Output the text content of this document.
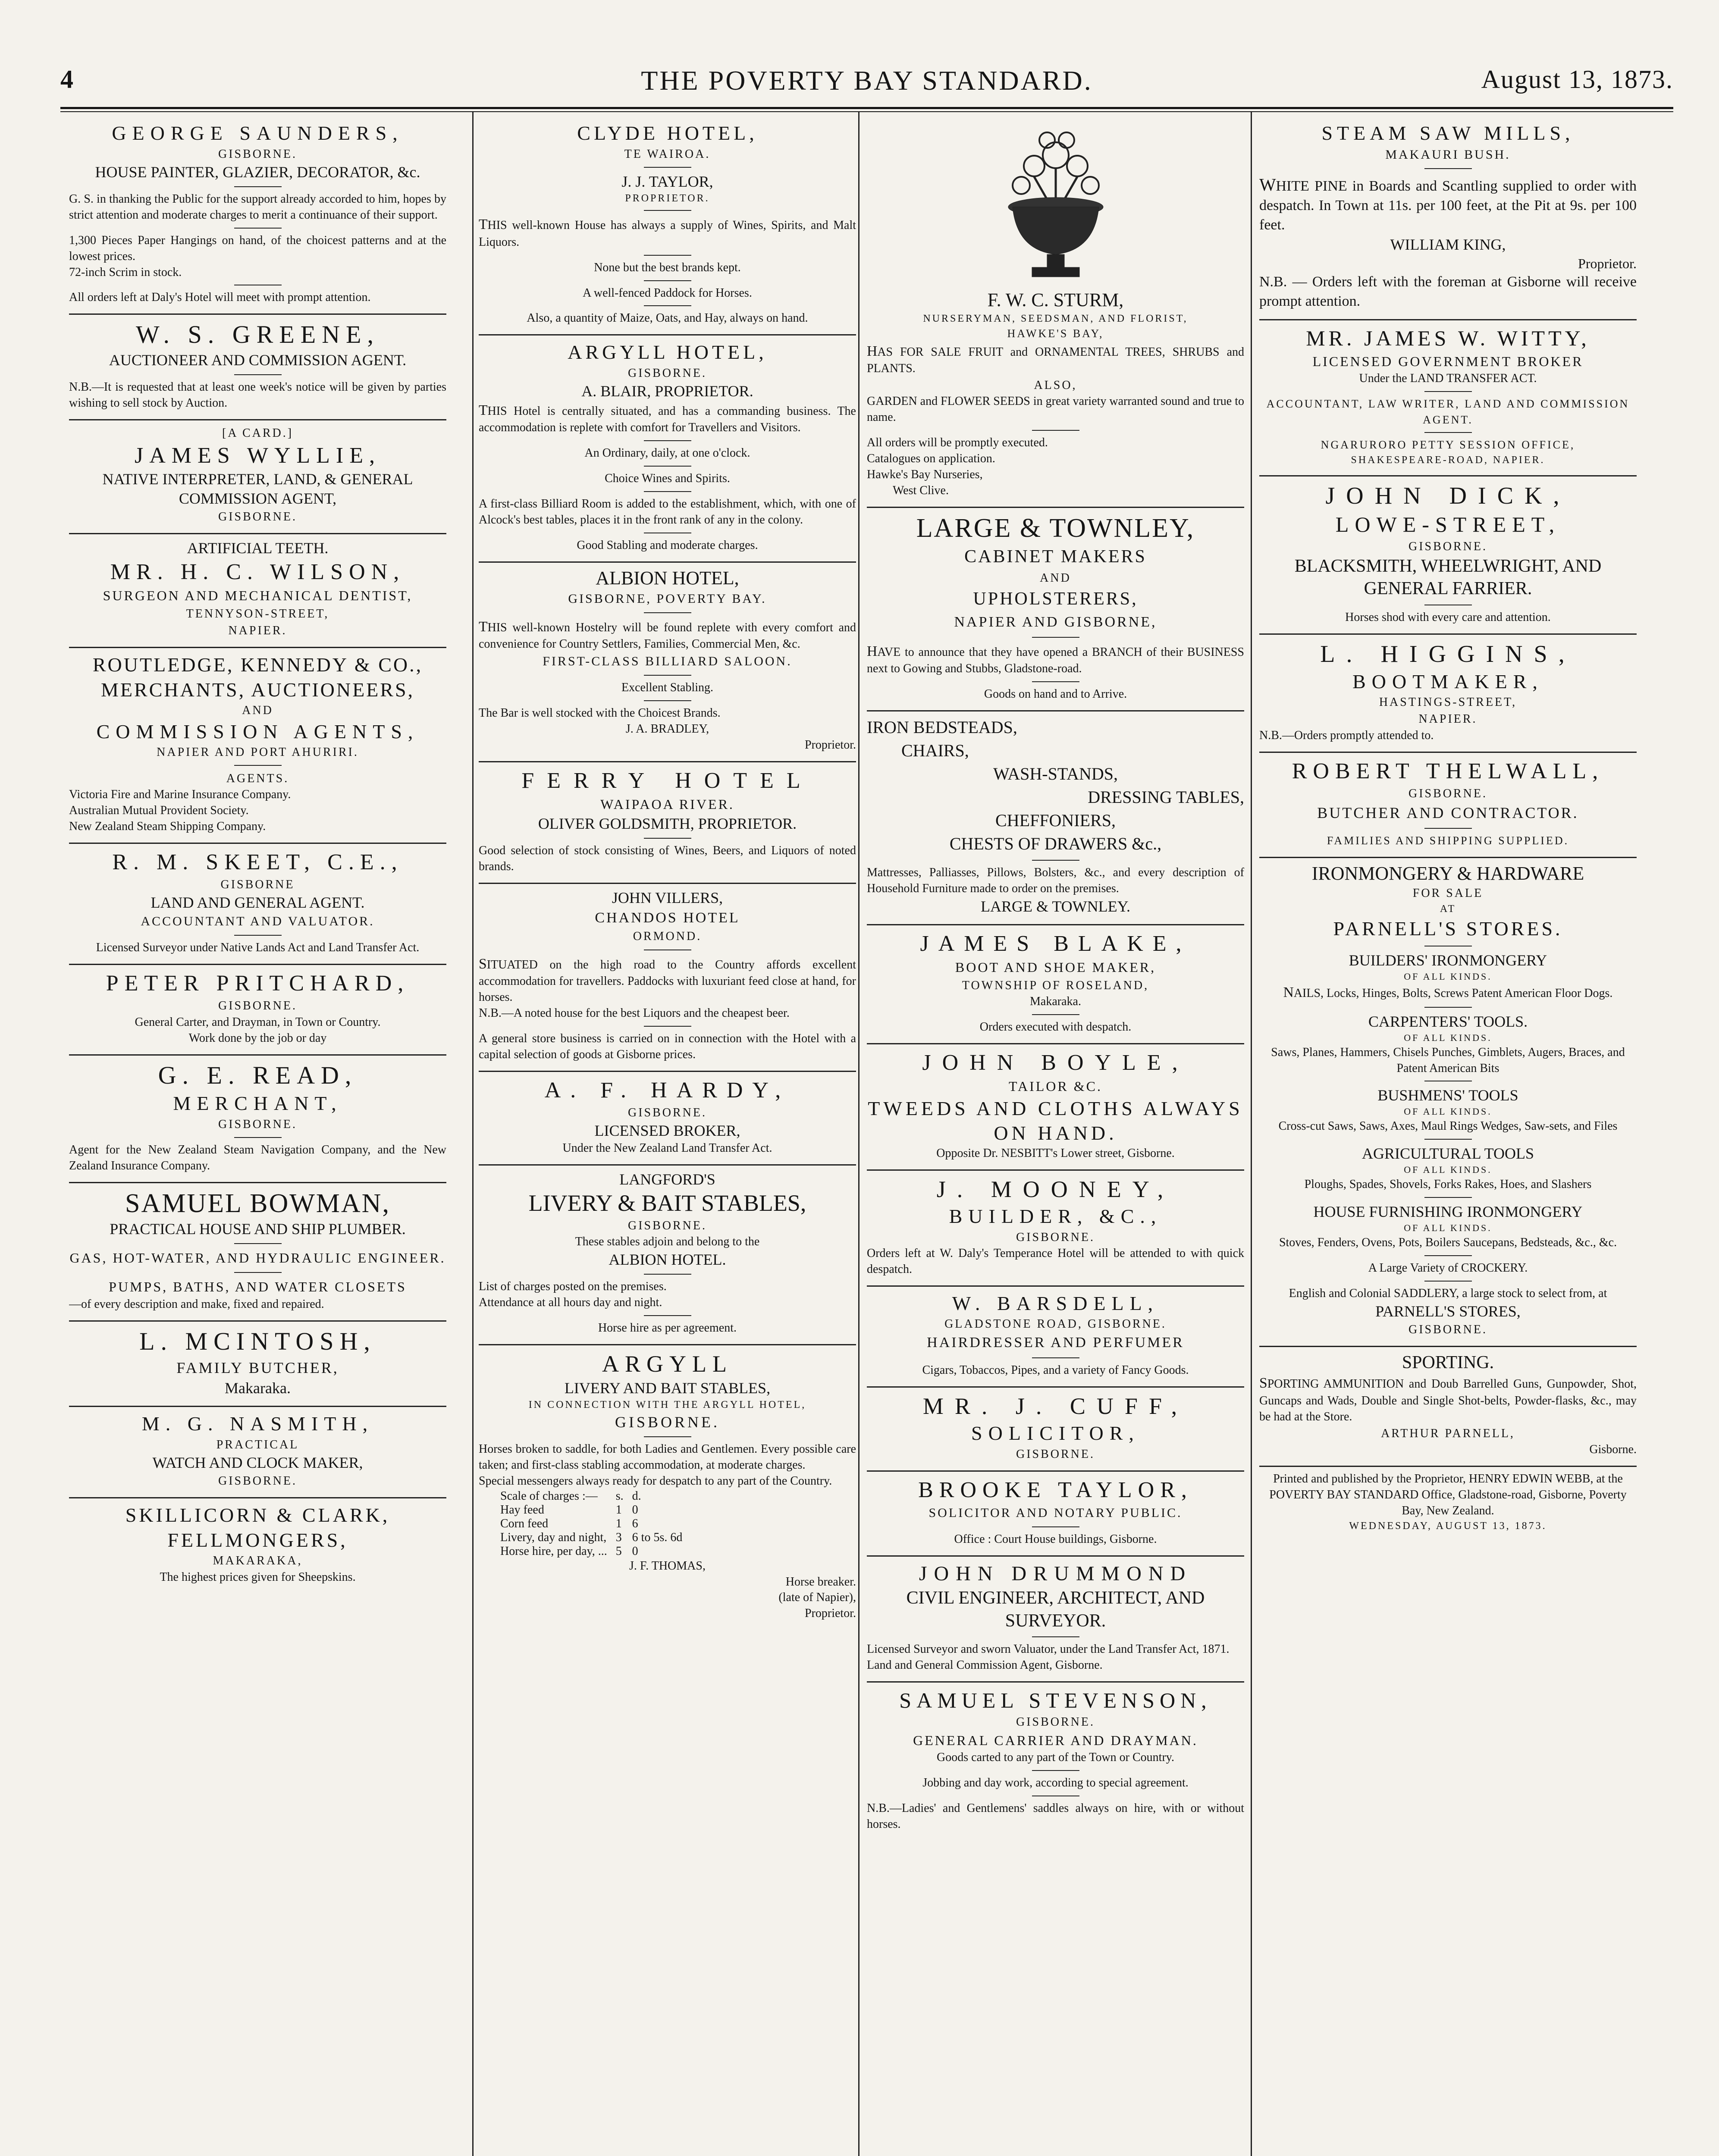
4	THE POVERTY BAY STANDARD.	August 13, 1873.
GEORGE SAUNDERS,
GISBORNE.
HOUSE PAINTER, GLAZIER, DECORATOR, &c.
G. S. in thanking the Public for the support already accorded to him, hopes by strict attention and moderate charges to merit a continuance of their support.
1,300 Pieces Paper Hangings on hand, of the choicest patterns and at the lowest prices.
72-inch Scrim in stock.
All orders left at Daly's Hotel will meet with prompt attention.
W. S. GREENE,
AUCTIONEER AND COMMISSION AGENT.
N.B.—It is requested that at least one week's notice will be given by parties wishing to sell stock by Auction.
[A CARD.]
JAMES WYLLIE,
NATIVE INTERPRETER, LAND, & GENERAL COMMISSION AGENT,
GISBORNE.
ARTIFICIAL TEETH.
MR. H. C. WILSON,
SURGEON AND MECHANICAL DENTIST,
TENNYSON-STREET,
NAPIER.
ROUTLEDGE, KENNEDY & CO.,
MERCHANTS, AUCTIONEERS,
AND
COMMISSION AGENTS,
NAPIER AND PORT AHURIRI.
AGENTS.
Victoria Fire and Marine Insurance Company.
Australian Mutual Provident Society.
New Zealand Steam Shipping Company.
R. M. SKEET, C.E.,
GISBORNE
LAND AND GENERAL AGENT.
ACCOUNTANT AND VALUATOR.
Licensed Surveyor under Native Lands Act and Land Transfer Act.
PETER PRITCHARD,
GISBORNE.
General Carter, and Drayman, in Town or Country.
Work done by the job or day
G. E. READ,
MERCHANT,
GISBORNE.
Agent for the New Zealand Steam Navigation Company, and the New Zealand Insurance Company.
SAMUEL BOWMAN,
PRACTICAL HOUSE AND SHIP PLUMBER.
GAS, HOT-WATER, AND HYDRAULIC ENGINEER.
PUMPS, BATHS, AND WATER CLOSETS
—of every description and make, fixed and repaired.
L. MCINTOSH,
FAMILY BUTCHER,
Makaraka.
M. G. NASMITH,
PRACTICAL
WATCH AND CLOCK MAKER,
GISBORNE.
SKILLICORN & CLARK,
FELLMONGERS,
MAKARAKA,
The highest prices given for Sheepskins.
CLYDE HOTEL,
TE WAIROA.
J. J. TAYLOR,
PROPRIETOR.
THIS well-known House has always a supply of Wines, Spirits, and Malt Liquors.
None but the best brands kept.
A well-fenced Paddock for Horses.
Also, a quantity of Maize, Oats, and Hay, always on hand.
ARGYLL HOTEL,
GISBORNE.
A. BLAIR, PROPRIETOR.
THIS Hotel is centrally situated, and has a commanding business. The accommodation is replete with comfort for Travellers and Visitors.
An Ordinary, daily, at one o'clock.
Choice Wines and Spirits.
A first-class Billiard Room is added to the establishment, which, with one of Alcock's best tables, places it in the front rank of any in the colony.
Good Stabling and moderate charges.
ALBION HOTEL,
GISBORNE, POVERTY BAY.
THIS well-known Hostelry will be found replete with every comfort and convenience for Country Settlers, Families, Commercial Men, &c.
FIRST-CLASS BILLIARD SALOON.
Excellent Stabling.
The Bar is well stocked with the Choicest Brands.
J. A. BRADLEY,
Proprietor.
FERRY HOTEL
WAIPAOA RIVER.
OLIVER GOLDSMITH, PROPRIETOR.
Good selection of stock consisting of Wines, Beers, and Liquors of noted brands.
JOHN VILLERS,
CHANDOS HOTEL
ORMOND.
SITUATED on the high road to the Country affords excellent accommodation for travellers. Paddocks with luxuriant feed close at hand, for horses.
N.B.—A noted house for the best Liquors and the cheapest beer.
A general store business is carried on in connection with the Hotel with a capital selection of goods at Gisborne prices.
A. F. HARDY,
GISBORNE.
LICENSED BROKER,
Under the New Zealand Land Transfer Act.
LANGFORD'S
LIVERY & BAIT STABLES,
GISBORNE.
These stables adjoin and belong to the
ALBION HOTEL.
List of charges posted on the premises.
Attendance at all hours day and night.
Horse hire as per agreement.
ARGYLL
LIVERY AND BAIT STABLES,
IN CONNECTION WITH THE ARGYLL HOTEL,
GISBORNE.
Horses broken to saddle, for both Ladies and Gentlemen. Every possible care taken; and first-class stabling accommodation, at moderate charges.
Special messengers always ready for despatch to any part of the Country.
Scale of charges :—	s.	d.
Hay feed	1	0
Corn feed	1	6
Livery, day and night,	3	6 to 5s. 6d
Horse hire, per day, ...	5	0
J. F. THOMAS,
Horse breaker.
(late of Napier),
Proprietor.
F. W. C. STURM,
NURSERYMAN, SEEDSMAN, AND FLORIST,
HAWKE'S BAY,
HAS FOR SALE FRUIT and ORNAMENTAL TREES, SHRUBS and PLANTS.
ALSO,
GARDEN and FLOWER SEEDS in great variety warranted sound and true to name.
All orders will be promptly executed.
Catalogues on application.
Hawke's Bay Nurseries,
West Clive.
LARGE & TOWNLEY,
CABINET MAKERS
AND
UPHOLSTERERS,
NAPIER AND GISBORNE,
HAVE to announce that they have opened a BRANCH of their BUSINESS next to Gowing and Stubbs, Gladstone-road.
Goods on hand and to Arrive.
IRON BEDSTEADS,
CHAIRS,
WASH-STANDS,
DRESSING TABLES,
CHEFFONIERS,
CHESTS OF DRAWERS &c.,
Mattresses, Palliasses, Pillows, Bolsters, &c., and every description of Household Furniture made to order on the premises.
LARGE & TOWNLEY.
JAMES BLAKE,
BOOT AND SHOE MAKER,
TOWNSHIP OF ROSELAND,
Makaraka.
Orders executed with despatch.
JOHN BOYLE,
TAILOR &C.
TWEEDS AND CLOTHS ALWAYS ON HAND.
Opposite Dr. NESBITT's Lower street, Gisborne.
J. MOONEY,
BUILDER, &C.,
GISBORNE.
Orders left at W. Daly's Temperance Hotel will be attended to with quick despatch.
W. BARSDELL,
GLADSTONE ROAD, GISBORNE.
HAIRDRESSER AND PERFUMER
Cigars, Tobaccos, Pipes, and a variety of Fancy Goods.
MR. J. CUFF,
SOLICITOR,
GISBORNE.
BROOKE TAYLOR,
SOLICITOR AND NOTARY PUBLIC.
Office : Court House buildings, Gisborne.
JOHN DRUMMOND
CIVIL ENGINEER, ARCHITECT, AND SURVEYOR.
Licensed Surveyor and sworn Valuator, under the Land Transfer Act, 1871.
Land and General Commission Agent, Gisborne.
SAMUEL STEVENSON,
GISBORNE.
GENERAL CARRIER AND DRAYMAN.
Goods carted to any part of the Town or Country.
Jobbing and day work, according to special agreement.
N.B.—Ladies' and Gentlemens' saddles always on hire, with or without horses.
STEAM SAW MILLS,
MAKAURI BUSH.
WHITE PINE in Boards and Scantling supplied to order with despatch. In Town at 11s. per 100 feet, at the Pit at 9s. per 100 feet.
WILLIAM KING,
Proprietor.
N.B. — Orders left with the foreman at Gisborne will receive prompt attention.
MR. JAMES W. WITTY,
LICENSED GOVERNMENT BROKER
Under the LAND TRANSFER ACT.
ACCOUNTANT, LAW WRITER, LAND AND COMMISSION AGENT.
NGARURORO PETTY SESSION OFFICE,
SHAKESPEARE-ROAD, NAPIER.
JOHN DICK,
LOWE-STREET,
GISBORNE.
BLACKSMITH, WHEELWRIGHT, AND GENERAL FARRIER.
Horses shod with every care and attention.
L. HIGGINS,
BOOTMAKER,
HASTINGS-STREET,
NAPIER.
N.B.—Orders promptly attended to.
ROBERT THELWALL,
GISBORNE.
BUTCHER AND CONTRACTOR.
FAMILIES AND SHIPPING SUPPLIED.
IRONMONGERY & HARDWARE
FOR SALE
AT
PARNELL'S STORES.
BUILDERS' IRONMONGERY
OF ALL KINDS.
NAILS, Locks, Hinges, Bolts, Screws Patent American Floor Dogs.
CARPENTERS' TOOLS.
OF ALL KINDS.
Saws, Planes, Hammers, Chisels Punches, Gimblets, Augers, Braces, and Patent American Bits
BUSHMENS' TOOLS
OF ALL KINDS.
Cross-cut Saws, Saws, Axes, Maul Rings Wedges, Saw-sets, and Files
AGRICULTURAL TOOLS
OF ALL KINDS.
Ploughs, Spades, Shovels, Forks Rakes, Hoes, and Slashers
HOUSE FURNISHING IRONMONGERY
OF ALL KINDS.
Stoves, Fenders, Ovens, Pots, Boilers Saucepans, Bedsteads, &c., &c.
A Large Variety of CROCKERY.
English and Colonial SADDLERY, a large stock to select from, at
PARNELL'S STORES,
GISBORNE.
SPORTING.
SPORTING AMMUNITION and Doub Barrelled Guns, Gunpowder, Shot, Guncaps and Wads, Double and Single Shot-belts, Powder-flasks, &c., may be had at the Store.
ARTHUR PARNELL,
Gisborne.
Printed and published by the Proprietor, HENRY EDWIN WEBB, at the POVERTY BAY STANDARD Office, Gladstone-road, Gisborne, Poverty Bay, New Zealand.
WEDNESDAY, AUGUST 13, 1873.
